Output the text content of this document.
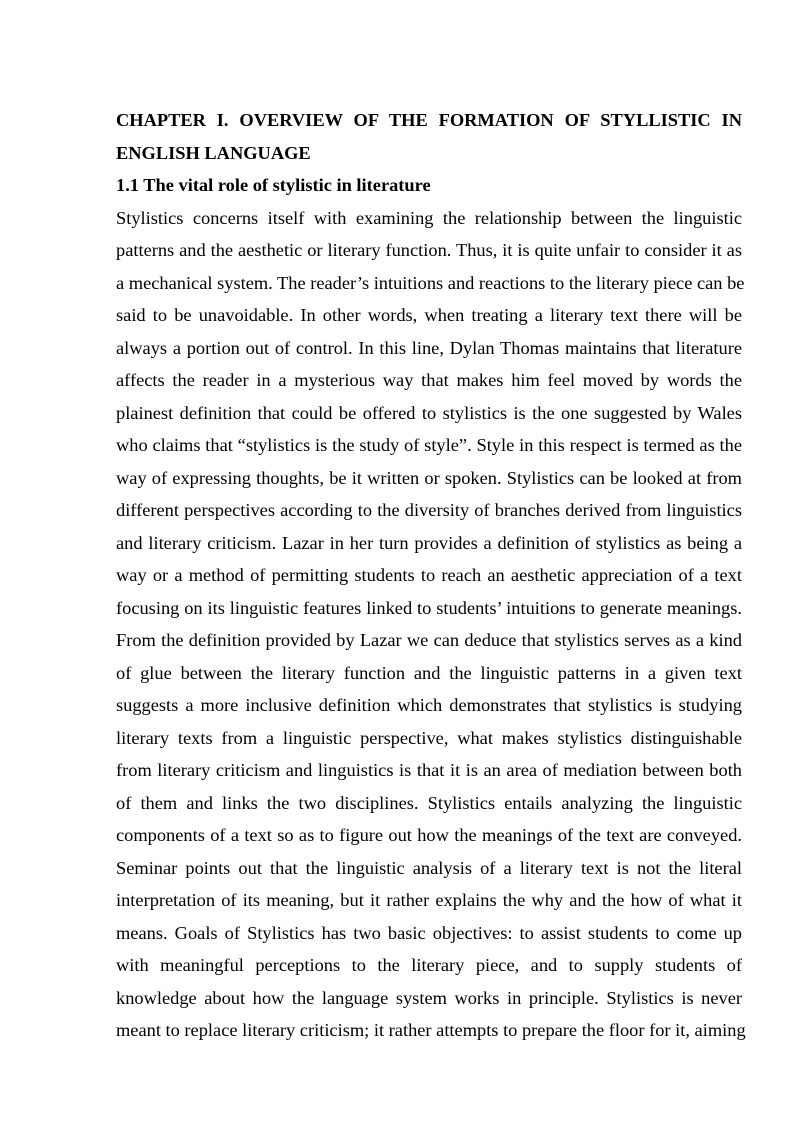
CHAPTER I. OVERVIEW OF THE FORMATION OF STYLLISTIC IN
ENGLISH LANGUAGE
1.1 The vital role of stylistic in literature
Stylistics concerns itself with examining the relationship between the linguistic
patterns and the aesthetic or literary function. Thus, it is quite unfair to consider it as
a mechanical system. The reader’s intuitions and reactions to the literary piece can be
said to be unavoidable. In other words, when treating a literary text there will be
always a portion out of control. In this line, Dylan Thomas maintains that literature
affects the reader in a mysterious way that makes him feel moved by words the
plainest definition that could be offered to stylistics is the one suggested by Wales
who claims that “stylistics is the study of style”. Style in this respect is termed as the
way of expressing thoughts, be it written or spoken. Stylistics can be looked at from
different perspectives according to the diversity of branches derived from linguistics
and literary criticism. Lazar in her turn provides a definition of stylistics as being a
way or a method of permitting students to reach an aesthetic appreciation of a text
focusing on its linguistic features linked to students’ intuitions to generate meanings.
From the definition provided by Lazar we can deduce that stylistics serves as a kind
of glue between the literary function and the linguistic patterns in a given text
suggests a more inclusive definition which demonstrates that stylistics is studying
literary texts from a linguistic perspective, what makes stylistics distinguishable
from literary criticism and linguistics is that it is an area of mediation between both
of them and links the two disciplines. Stylistics entails analyzing the linguistic
components of a text so as to figure out how the meanings of the text are conveyed.
Seminar points out that the linguistic analysis of a literary text is not the literal
interpretation of its meaning, but it rather explains the why and the how of what it
means. Goals of Stylistics has two basic objectives: to assist students to come up
with meaningful perceptions to the literary piece, and to supply students of
knowledge about how the language system works in principle. Stylistics is never
meant to replace literary criticism; it rather attempts to prepare the floor for it, aiming
